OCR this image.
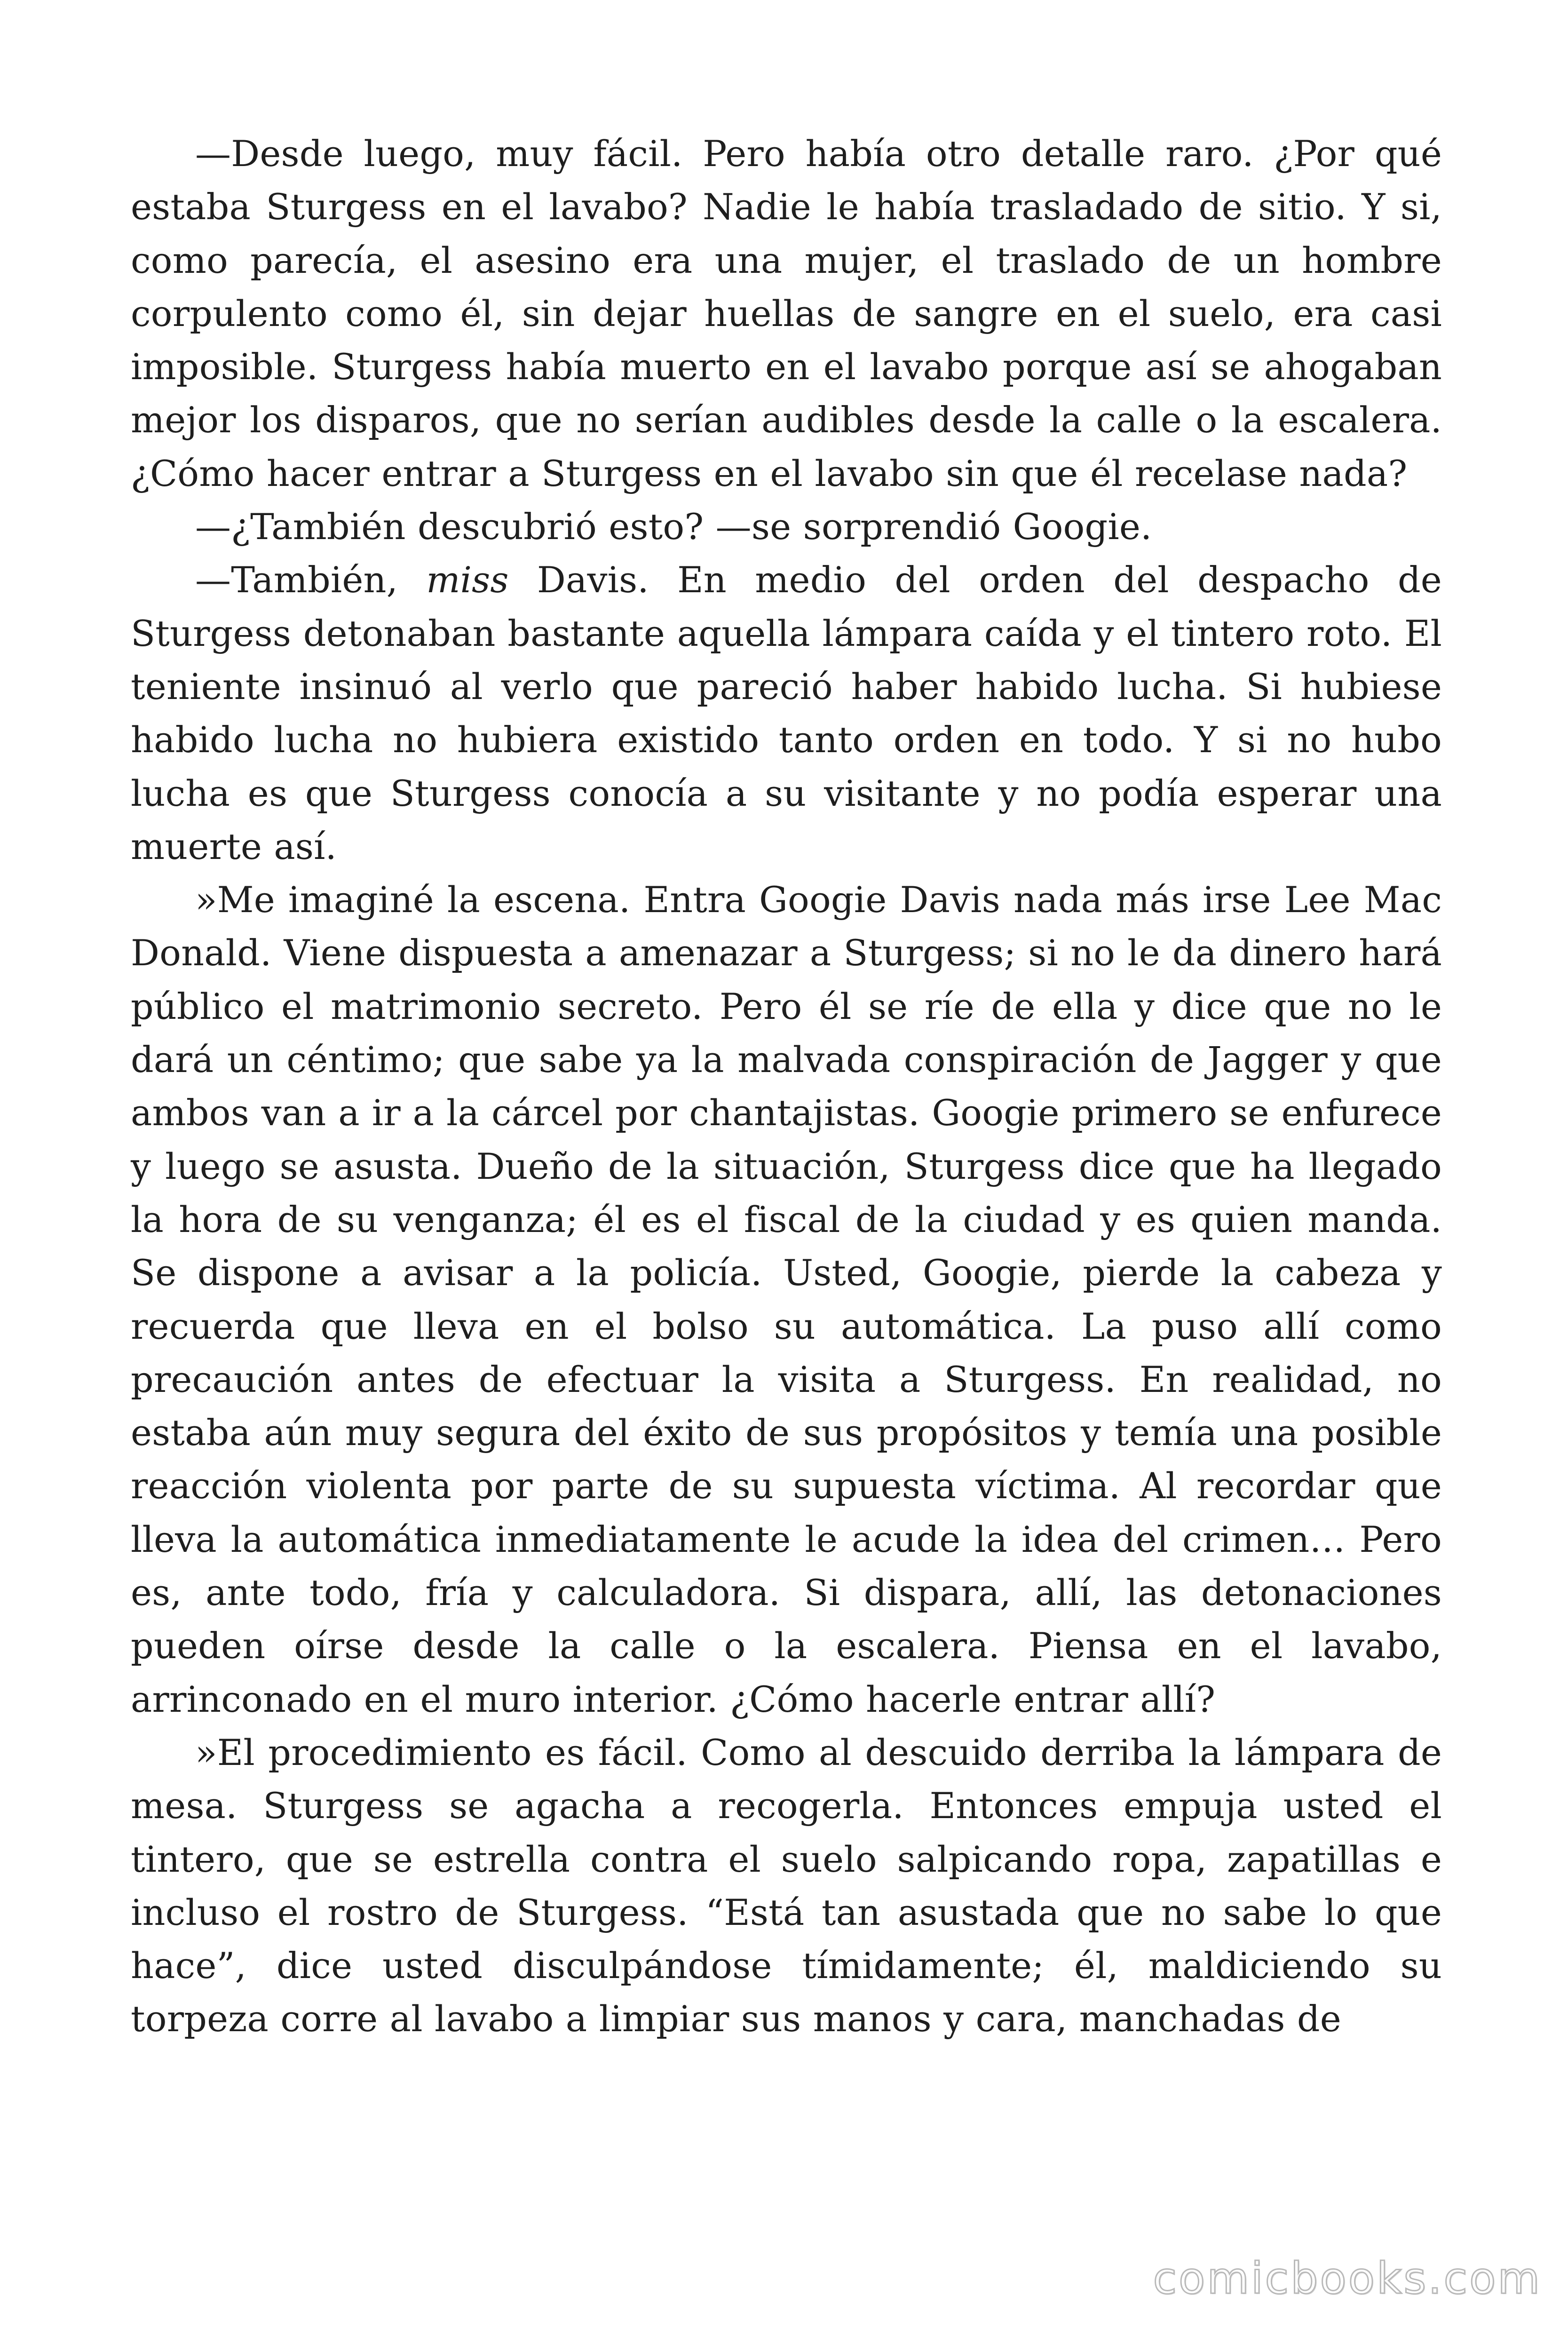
—Desde luego, muy fácil. Pero había otro detalle raro. ¿Por qué estaba Sturgess en el lavabo? Nadie le había trasladado de sitio. Y si, como parecía, el asesino era una mujer, el traslado de un hombre corpulento como él, sin dejar huellas de sangre en el suelo, era casi imposible. Sturgess había muerto en el lavabo porque así se ahogaban mejor los disparos, que no serían audibles desde la calle o la escalera. ¿Cómo hacer entrar a Sturgess en el lavabo sin que él recelase nada?

—¿También descubrió esto? —se sorprendió Googie.

—También, miss Davis. En medio del orden del despacho de Sturgess detonaban bastante aquella lámpara caída y el tintero roto. El teniente insinuó al verlo que pareció haber habido lucha. Si hubiese habido lucha no hubiera existido tanto orden en todo. Y si no hubo lucha es que Sturgess conocía a su visitante y no podía esperar una muerte así.

»Me imaginé la escena. Entra Googie Davis nada más irse Lee Mac Donald. Viene dispuesta a amenazar a Sturgess; si no le da dinero hará público el matrimonio secreto. Pero él se ríe de ella y dice que no le dará un céntimo; que sabe ya la malvada conspiración de Jagger y que ambos van a ir a la cárcel por chantajistas. Googie primero se enfurece y luego se asusta. Dueño de la situación, Sturgess dice que ha llegado la hora de su venganza; él es el fiscal de la ciudad y es quien manda. Se dispone a avisar a la policía. Usted, Googie, pierde la cabeza y recuerda que lleva en el bolso su automática. La puso allí como precaución antes de efectuar la visita a Sturgess. En realidad, no estaba aún muy segura del éxito de sus propósitos y temía una posible reacción violenta por parte de su supuesta víctima. Al recordar que lleva la automática inmediatamente le acude la idea del crimen… Pero es, ante todo, fría y calculadora. Si dispara, allí, las detonaciones pueden oírse desde la calle o la escalera. Piensa en el lavabo, arrinconado en el muro interior. ¿Cómo hacerle entrar allí?

»El procedimiento es fácil. Como al descuido derriba la lámpara de mesa. Sturgess se agacha a recogerla. Entonces empuja usted el tintero, que se estrella contra el suelo salpicando ropa, zapatillas e incluso el rostro de Sturgess. “Está tan asustada que no sabe lo que hace”, dice usted disculpándose tímidamente; él, maldiciendo su torpeza corre al lavabo a limpiar sus manos y cara, manchadas de

comicbooks.com
